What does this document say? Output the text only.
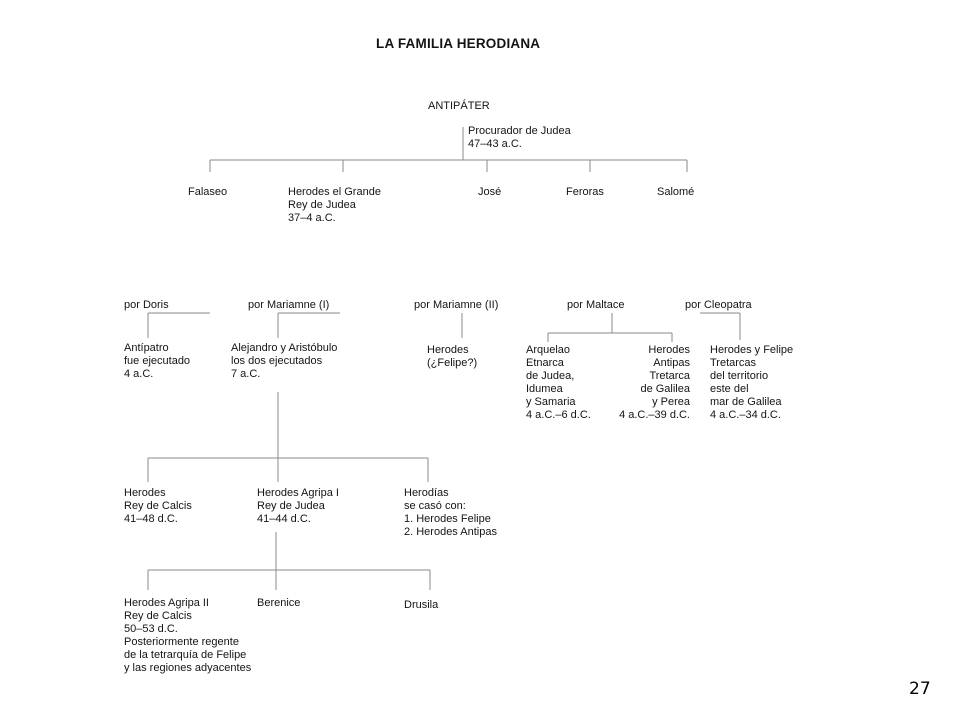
LA FAMILIA HERODIANA
ANTIPÁTER
Procurador de Judea
47–43 a.C.
Falaseo	Herodes el Grande
Rey de Judea
37–4 a.C.
José	Feroras	Salomé
por Doris	por Mariamne (I)	por Mariamne (II)	por Maltace	por Cleopatra
Antípatro
fue ejecutado
4 a.C.
Alejandro y Aristóbulo
los dos ejecutados
7 a.C.
Herodes
(¿Felipe?)
Arquelao
Etnarca
de Judea,
Idumea
y Samaria
4 a.C.–6 d.C.
Herodes
Antipas
Tretarca
de Galilea
y Perea
4 a.C.–39 d.C.
Herodes y Felipe
Tretarcas
del territorio
este del
mar de Galilea
4 a.C.–34 d.C.
Herodes
Rey de Calcis
41–48 d.C.
Herodes Agripa I
Rey de Judea
41–44 d.C.
Herodías
se casó con:
1. Herodes Felipe
2. Herodes Antipas
Herodes Agripa II
Rey de Calcis
50–53 d.C.
Posteriormente regente
de la tetrarquía de Felipe
y las regiones adyacentes
Berenice	Drusila
27
